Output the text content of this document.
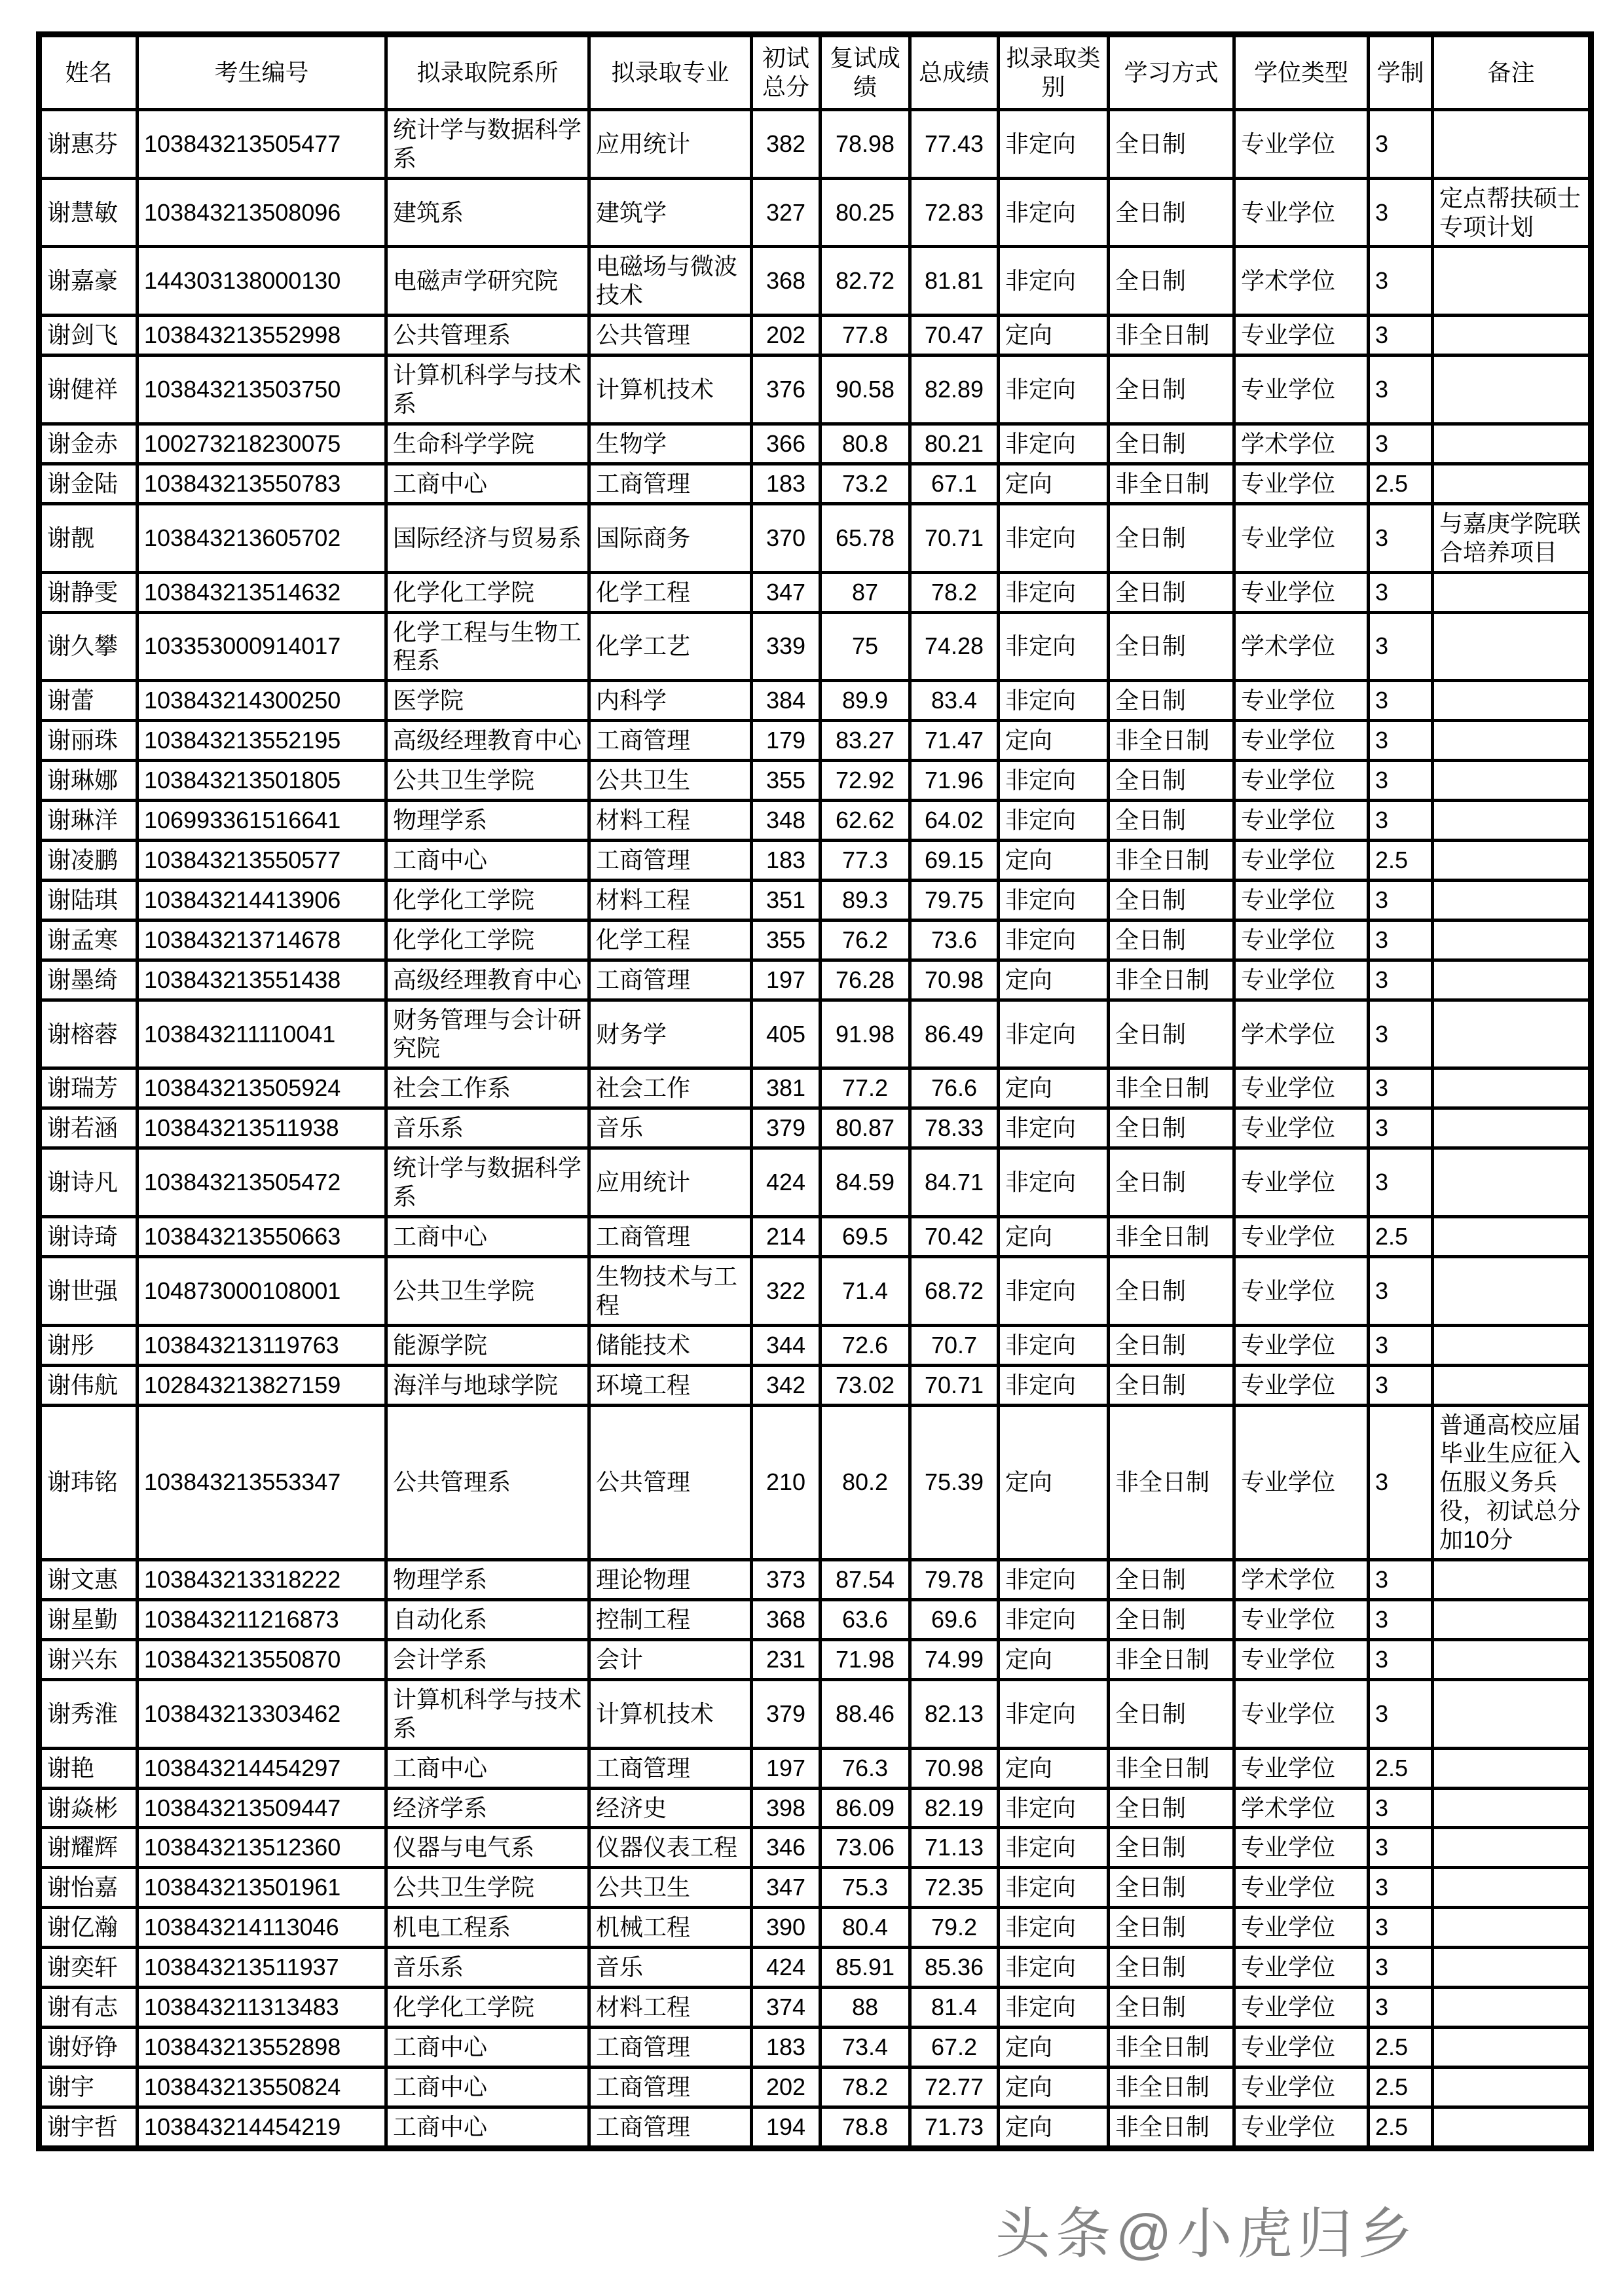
姓名	考生编号	拟录取院系所	拟录取专业	初试总分	复试成绩	总成绩	拟录取类别	学习方式	学位类型	学制	备注
谢惠芬	103843213505477	统计学与数据科学系	应用统计	382	78.98	77.43	非定向	全日制	专业学位	3	
谢慧敏	103843213508096	建筑系	建筑学	327	80.25	72.83	非定向	全日制	专业学位	3	定点帮扶硕士专项计划
谢嘉豪	144303138000130	电磁声学研究院	电磁场与微波技术	368	82.72	81.81	非定向	全日制	学术学位	3	
谢剑飞	103843213552998	公共管理系	公共管理	202	77.8	70.47	定向	非全日制	专业学位	3	
谢健祥	103843213503750	计算机科学与技术系	计算机技术	376	90.58	82.89	非定向	全日制	专业学位	3	
谢金赤	100273218230075	生命科学学院	生物学	366	80.8	80.21	非定向	全日制	学术学位	3	
谢金陆	103843213550783	工商中心	工商管理	183	73.2	67.1	定向	非全日制	专业学位	2.5	
谢靓	103843213605702	国际经济与贸易系	国际商务	370	65.78	70.71	非定向	全日制	专业学位	3	与嘉庚学院联合培养项目
谢静雯	103843213514632	化学化工学院	化学工程	347	87	78.2	非定向	全日制	专业学位	3	
谢久攀	103353000914017	化学工程与生物工程系	化学工艺	339	75	74.28	非定向	全日制	学术学位	3	
谢蕾	103843214300250	医学院	内科学	384	89.9	83.4	非定向	全日制	专业学位	3	
谢丽珠	103843213552195	高级经理教育中心	工商管理	179	83.27	71.47	定向	非全日制	专业学位	3	
谢琳娜	103843213501805	公共卫生学院	公共卫生	355	72.92	71.96	非定向	全日制	专业学位	3	
谢琳洋	106993361516641	物理学系	材料工程	348	62.62	64.02	非定向	全日制	专业学位	3	
谢凌鹏	103843213550577	工商中心	工商管理	183	77.3	69.15	定向	非全日制	专业学位	2.5	
谢陆琪	103843214413906	化学化工学院	材料工程	351	89.3	79.75	非定向	全日制	专业学位	3	
谢孟寒	103843213714678	化学化工学院	化学工程	355	76.2	73.6	非定向	全日制	专业学位	3	
谢墨绮	103843213551438	高级经理教育中心	工商管理	197	76.28	70.98	定向	非全日制	专业学位	3	
谢榕蓉	103843211110041	财务管理与会计研究院	财务学	405	91.98	86.49	非定向	全日制	学术学位	3	
谢瑞芳	103843213505924	社会工作系	社会工作	381	77.2	76.6	定向	非全日制	专业学位	3	
谢若涵	103843213511938	音乐系	音乐	379	80.87	78.33	非定向	全日制	专业学位	3	
谢诗凡	103843213505472	统计学与数据科学系	应用统计	424	84.59	84.71	非定向	全日制	专业学位	3	
谢诗琦	103843213550663	工商中心	工商管理	214	69.5	70.42	定向	非全日制	专业学位	2.5	
谢世强	104873000108001	公共卫生学院	生物技术与工程	322	71.4	68.72	非定向	全日制	专业学位	3	
谢彤	103843213119763	能源学院	储能技术	344	72.6	70.7	非定向	全日制	专业学位	3	
谢伟航	102843213827159	海洋与地球学院	环境工程	342	73.02	70.71	非定向	全日制	专业学位	3	
谢玮铭	103843213553347	公共管理系	公共管理	210	80.2	75.39	定向	非全日制	专业学位	3	普通高校应届毕业生应征入伍服义务兵役，初试总分加10分
谢文惠	103843213318222	物理学系	理论物理	373	87.54	79.78	非定向	全日制	学术学位	3	
谢星勤	103843211216873	自动化系	控制工程	368	63.6	69.6	非定向	全日制	专业学位	3	
谢兴东	103843213550870	会计学系	会计	231	71.98	74.99	定向	非全日制	专业学位	3	
谢秀淮	103843213303462	计算机科学与技术系	计算机技术	379	88.46	82.13	非定向	全日制	专业学位	3	
谢艳	103843214454297	工商中心	工商管理	197	76.3	70.98	定向	非全日制	专业学位	2.5	
谢焱彬	103843213509447	经济学系	经济史	398	86.09	82.19	非定向	全日制	学术学位	3	
谢耀辉	103843213512360	仪器与电气系	仪器仪表工程	346	73.06	71.13	非定向	全日制	专业学位	3	
谢怡嘉	103843213501961	公共卫生学院	公共卫生	347	75.3	72.35	非定向	全日制	专业学位	3	
谢亿瀚	103843214113046	机电工程系	机械工程	390	80.4	79.2	非定向	全日制	专业学位	3	
谢奕轩	103843213511937	音乐系	音乐	424	85.91	85.36	非定向	全日制	专业学位	3	
谢有志	103843211313483	化学化工学院	材料工程	374	88	81.4	非定向	全日制	专业学位	3	
谢妤铮	103843213552898	工商中心	工商管理	183	73.4	67.2	定向	非全日制	专业学位	2.5	
谢宇	103843213550824	工商中心	工商管理	202	78.2	72.77	定向	非全日制	专业学位	2.5	
谢宇哲	103843214454219	工商中心	工商管理	194	78.8	71.73	定向	非全日制	专业学位	2.5	
头条@小虎归乡
